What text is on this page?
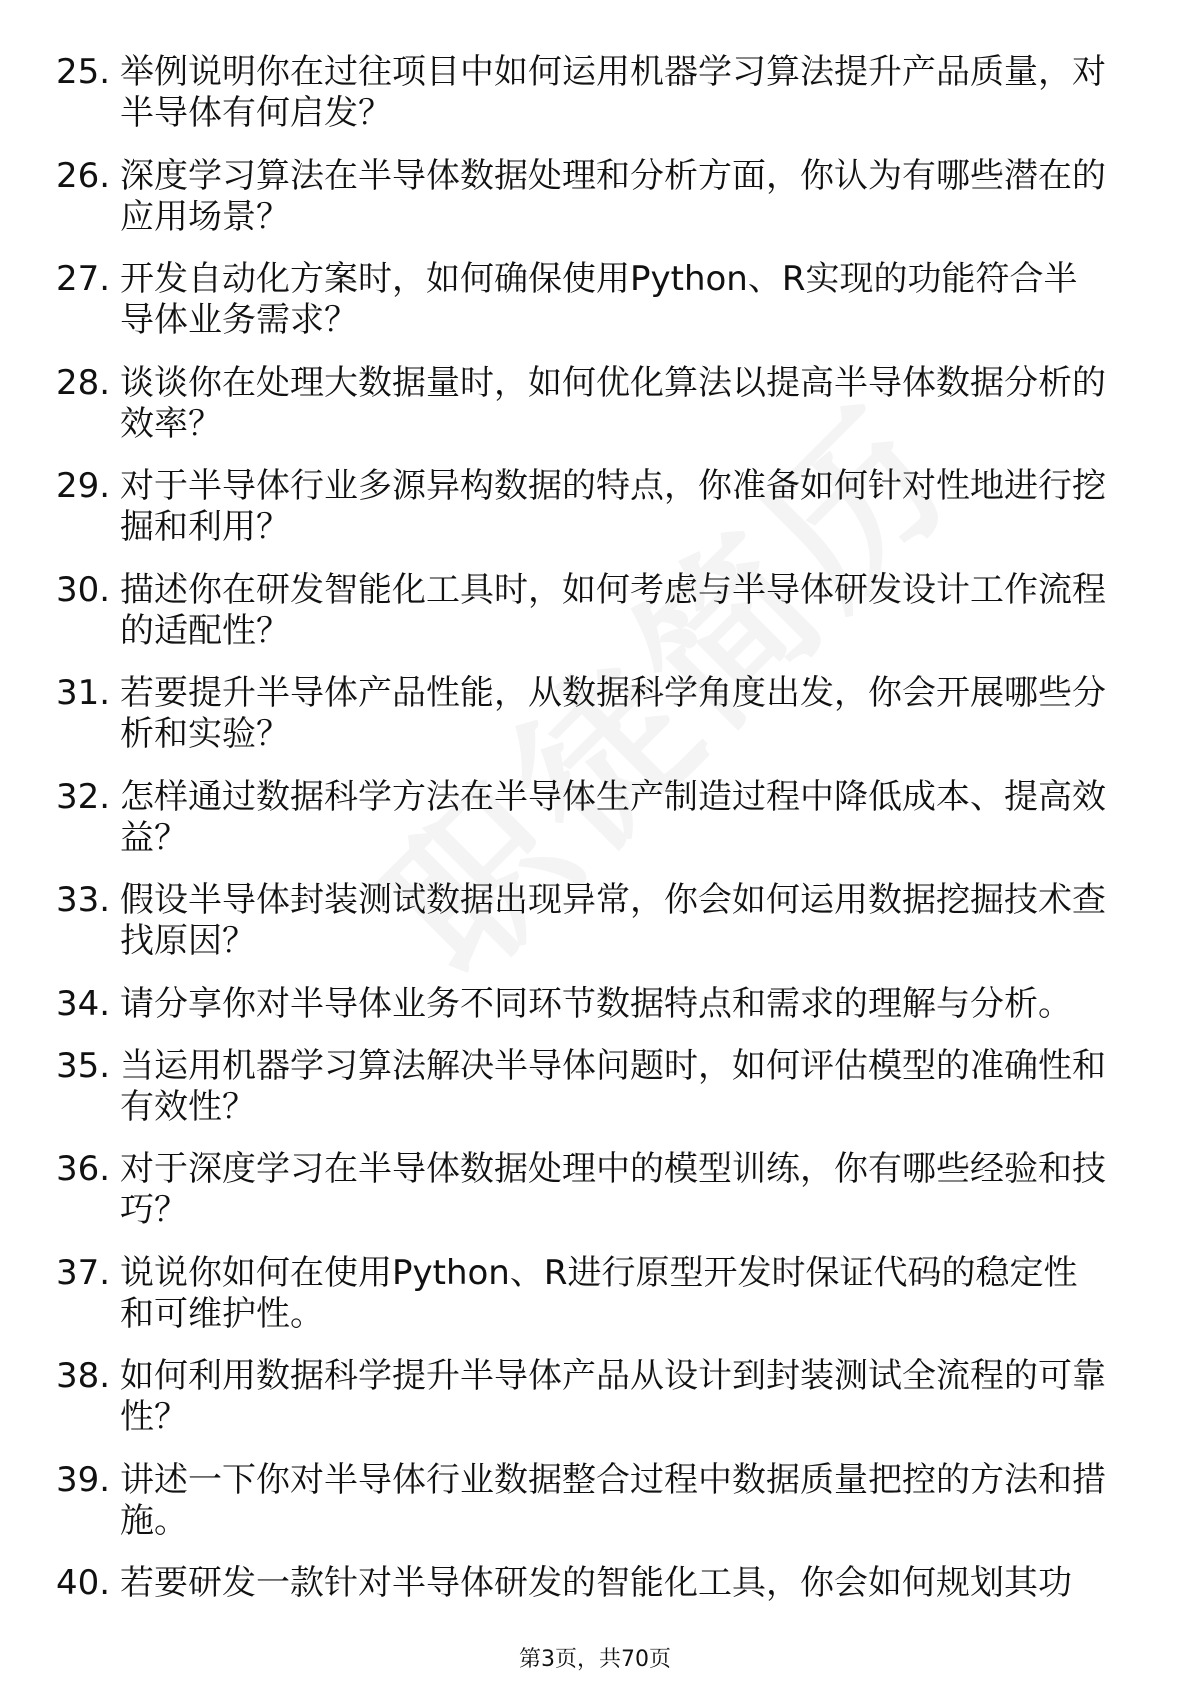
25. 举例说明你在过往项目中如何运用机器学习算法提升产品质量，对半导体有何启发？
26. 深度学习算法在半导体数据处理和分析方面，你认为有哪些潜在的应用场景？
27. 开发自动化方案时，如何确保使用Python、R实现的功能符合半导体业务需求？
28. 谈谈你在处理大数据量时，如何优化算法以提高半导体数据分析的效率？
29. 对于半导体行业多源异构数据的特点，你准备如何针对性地进行挖掘和利用？
30. 描述你在研发智能化工具时，如何考虑与半导体研发设计工作流程的适配性？
31. 若要提升半导体产品性能，从数据科学角度出发，你会开展哪些分析和实验？
32. 怎样通过数据科学方法在半导体生产制造过程中降低成本、提高效益？
33. 假设半导体封装测试数据出现异常，你会如何运用数据挖掘技术查找原因？
34. 请分享你对半导体业务不同环节数据特点和需求的理解与分析。
35. 当运用机器学习算法解决半导体问题时，如何评估模型的准确性和有效性？
36. 对于深度学习在半导体数据处理中的模型训练，你有哪些经验和技巧？
37. 说说你如何在使用Python、R进行原型开发时保证代码的稳定性和可维护性。
38. 如何利用数据科学提升半导体产品从设计到封装测试全流程的可靠性？
39. 讲述一下你对半导体行业数据整合过程中数据质量把控的方法和措施。
40. 若要研发一款针对半导体研发的智能化工具，你会如何规划其功
第3页，共70页
